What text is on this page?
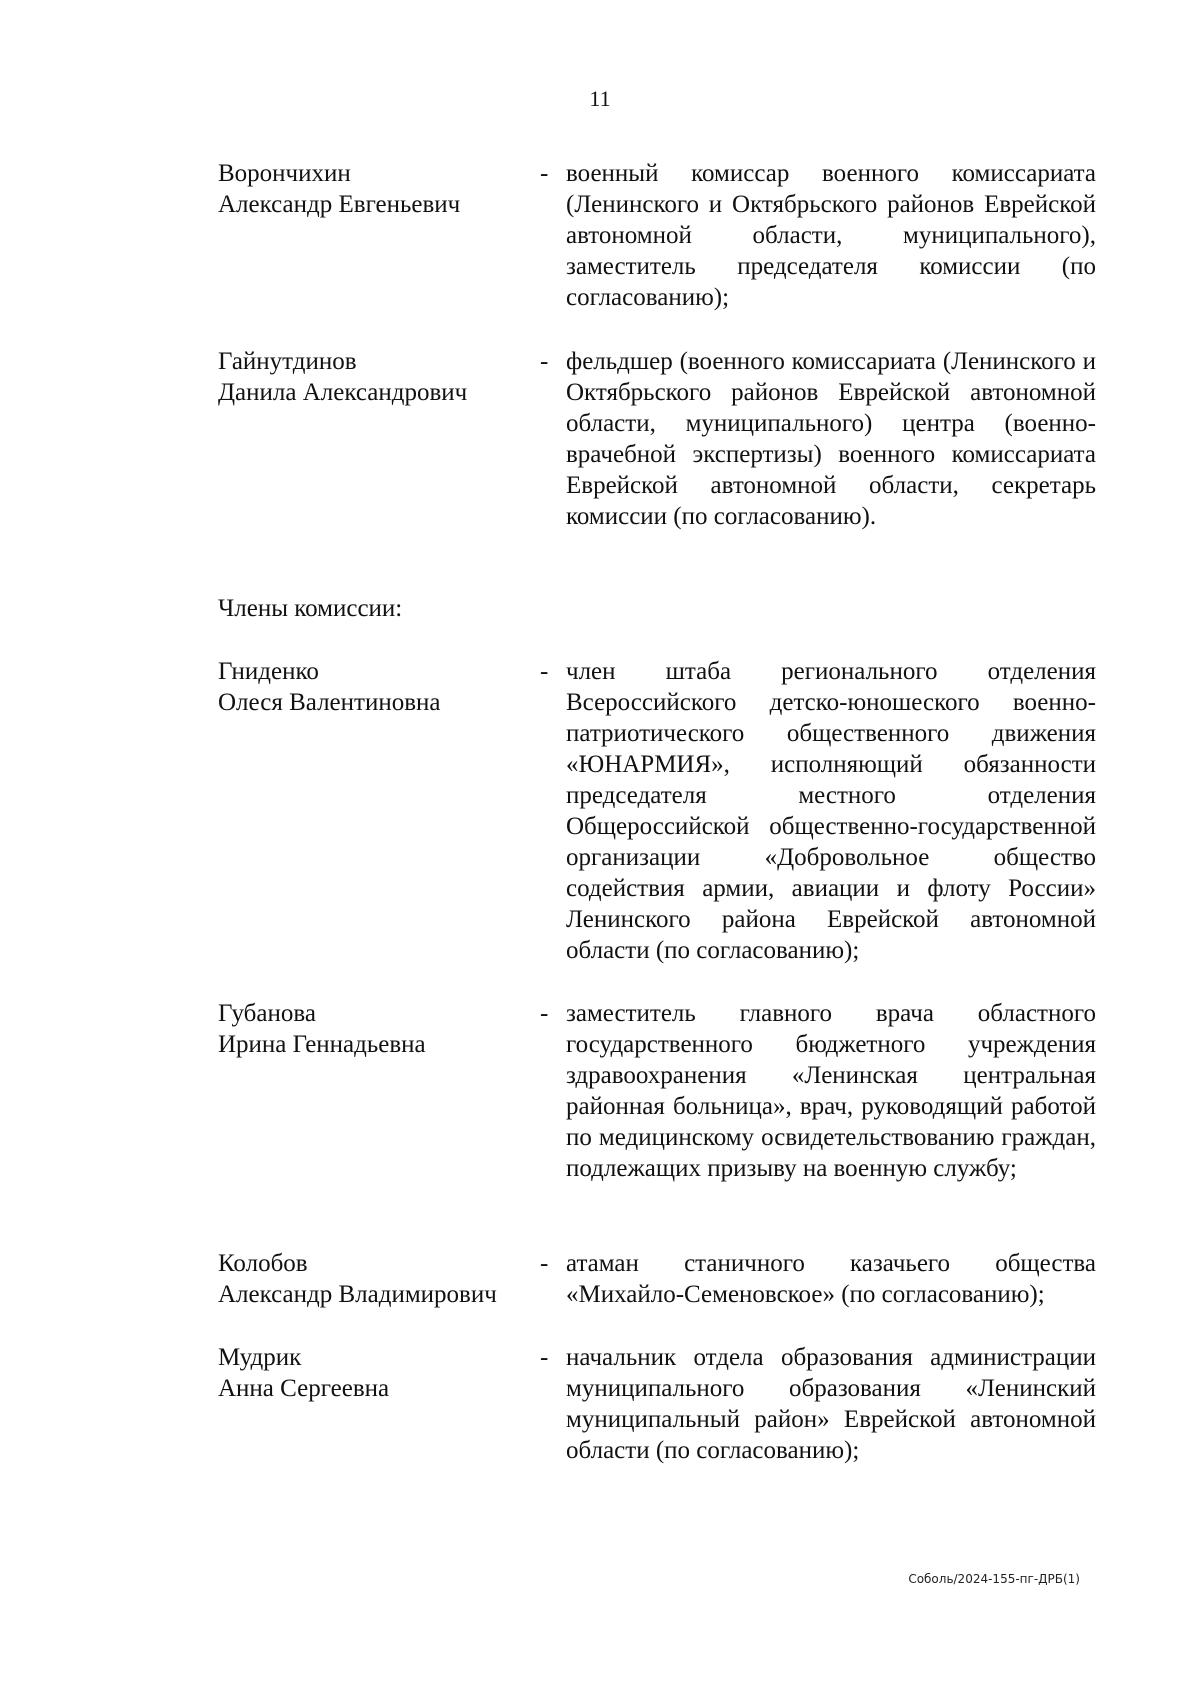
11
Ворончихин
Александр Евгеньевич
- военный комиссар военного комиссариата (Ленинского и Октябрьского районов Еврейской автономной области, муниципального), заместитель председателя комиссии (по согласованию);
Гайнутдинов
Данила Александрович
- фельдшер (военного комиссариата (Ленинского и Октябрьского районов Еврейской автономной области, муниципального) центра (военно-врачебной экспертизы) военного комиссариата Еврейской автономной области, секретарь комиссии (по согласованию).
Члены комиссии:
Гниденко
Олеся Валентиновна
- член штаба регионального отделения Всероссийского детско-юношеского военно-патриотического общественного движения «ЮНАРМИЯ», исполняющий обязанности председателя местного отделения Общероссийской общественно-государственной организации «Добровольное общество содействия армии, авиации и флоту России» Ленинского района Еврейской автономной области (по согласованию);
Губанова
Ирина Геннадьевна
- заместитель главного врача областного государственного бюджетного учреждения здравоохранения «Ленинская центральная районная больница», врач, руководящий работой по медицинскому освидетельствованию граждан, подлежащих призыву на военную службу;
Колобов
Александр Владимирович
- атаман станичного казачьего общества «Михайло-Семеновское» (по согласованию);
Мудрик
Анна Сергеевна
- начальник отдела образования администрации муниципального образования «Ленинский муниципальный район» Еврейской автономной области (по согласованию);
Соболь/2024-155-пг-ДРБ(1)
